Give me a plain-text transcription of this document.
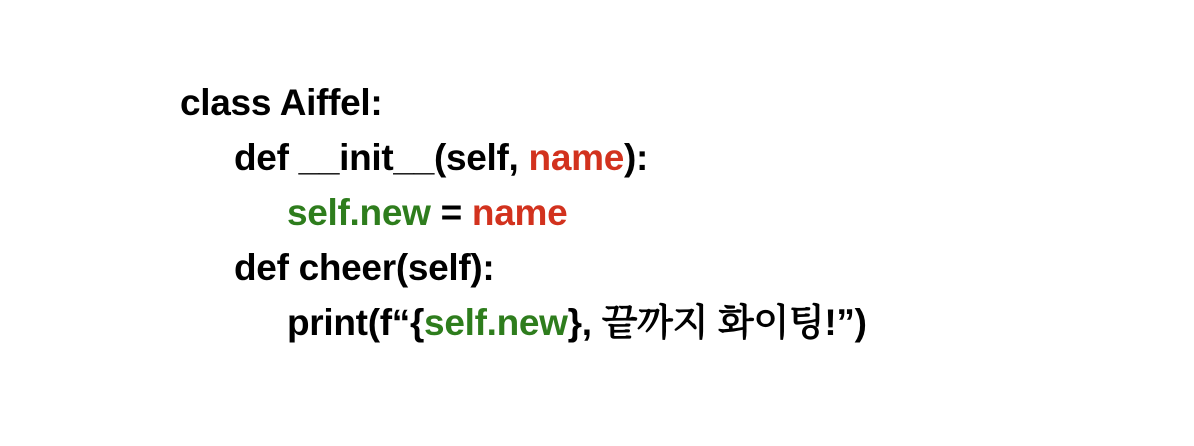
class Aiffel:
def __init__(self, name):
self.new = name
def cheer(self):
print(f“{self.new}, 끝까지 화이팅!”)
